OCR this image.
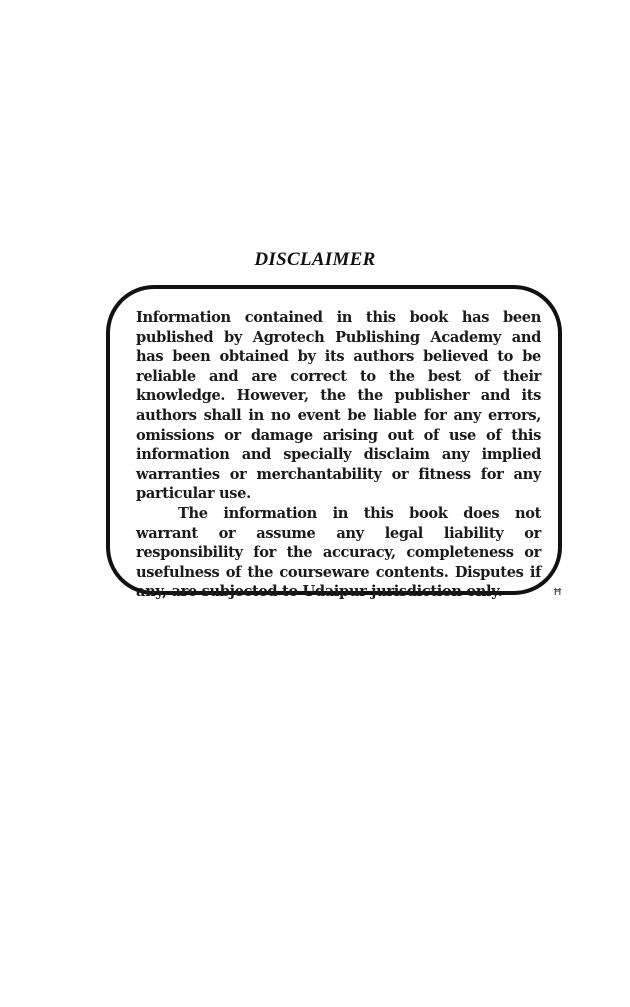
DISCLAIMER

Information contained in this book has been published by Agrotech Publishing Academy and has been obtained by its authors believed to be reliable and are correct to the best of their knowledge. However, the the publisher and its authors shall in no event be liable for any errors, omissions or damage arising out of use of this information and specially disclaim any implied warranties or merchantability or fitness for any particular use.

The information in this book does not warrant or assume any legal liability or responsibility for the accuracy, completeness or usefulness of the courseware contents. Disputes if any, are subjected to Udaipur jurisdiction only.	Ħ
